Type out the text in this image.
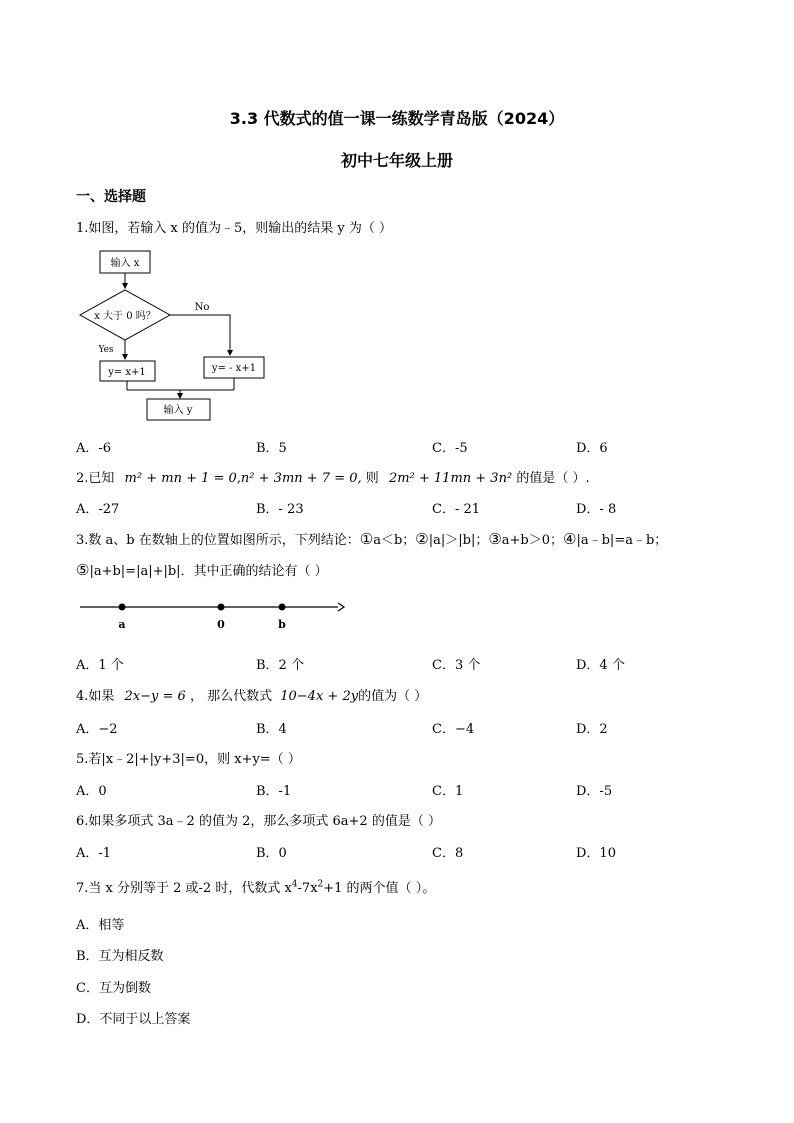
3.3 代数式的值一课一练数学青岛版（2024）
初中七年级上册
一、选择题
1.如图，若输入 x 的值为﹣5，则输出的结果 y 为（ ）
输入 x
x 大于 0 吗？
No
Yes
y= x+1	y= - x+1
输入 y
A．-6	B．5	C．-5	D．6
2.已知 m² + mn + 1 = 0,n² + 3mn + 7 = 0, 则 2m² + 11mn + 3n² 的值是（ ）.
A．-27	B．- 23	C．- 21	D．- 8
3.数 a、b 在数轴上的位置如图所示，下列结论：①a＜b；②|a|＞|b|；③a+b＞0；④|a﹣b|=a﹣b；
⑤|a+b|=|a|+|b|．其中正确的结论有（ ）
a	0	b
A．1 个	B．2 个	C．3 个	D．4 个
4.如果 2x−y = 6 ， 那么代数式 10−4x + 2y的值为（ ）
A．−2	B．4	C．−4	D．2
5.若|x﹣2|+|y+3|=0，则 x+y=（ ）
A．0	B．-1	C．1	D．-5
6.如果多项式 3a﹣2 的值为 2，那么多项式 6a+2 的值是（ ）
A．-1	B．0	C．8	D．10
7.当 x 分别等于 2 或-2 时，代数式 $x^4-7x^2+1$ 的两个值（ ）。
A．相等
B．互为相反数
C．互为倒数
D．不同于以上答案
